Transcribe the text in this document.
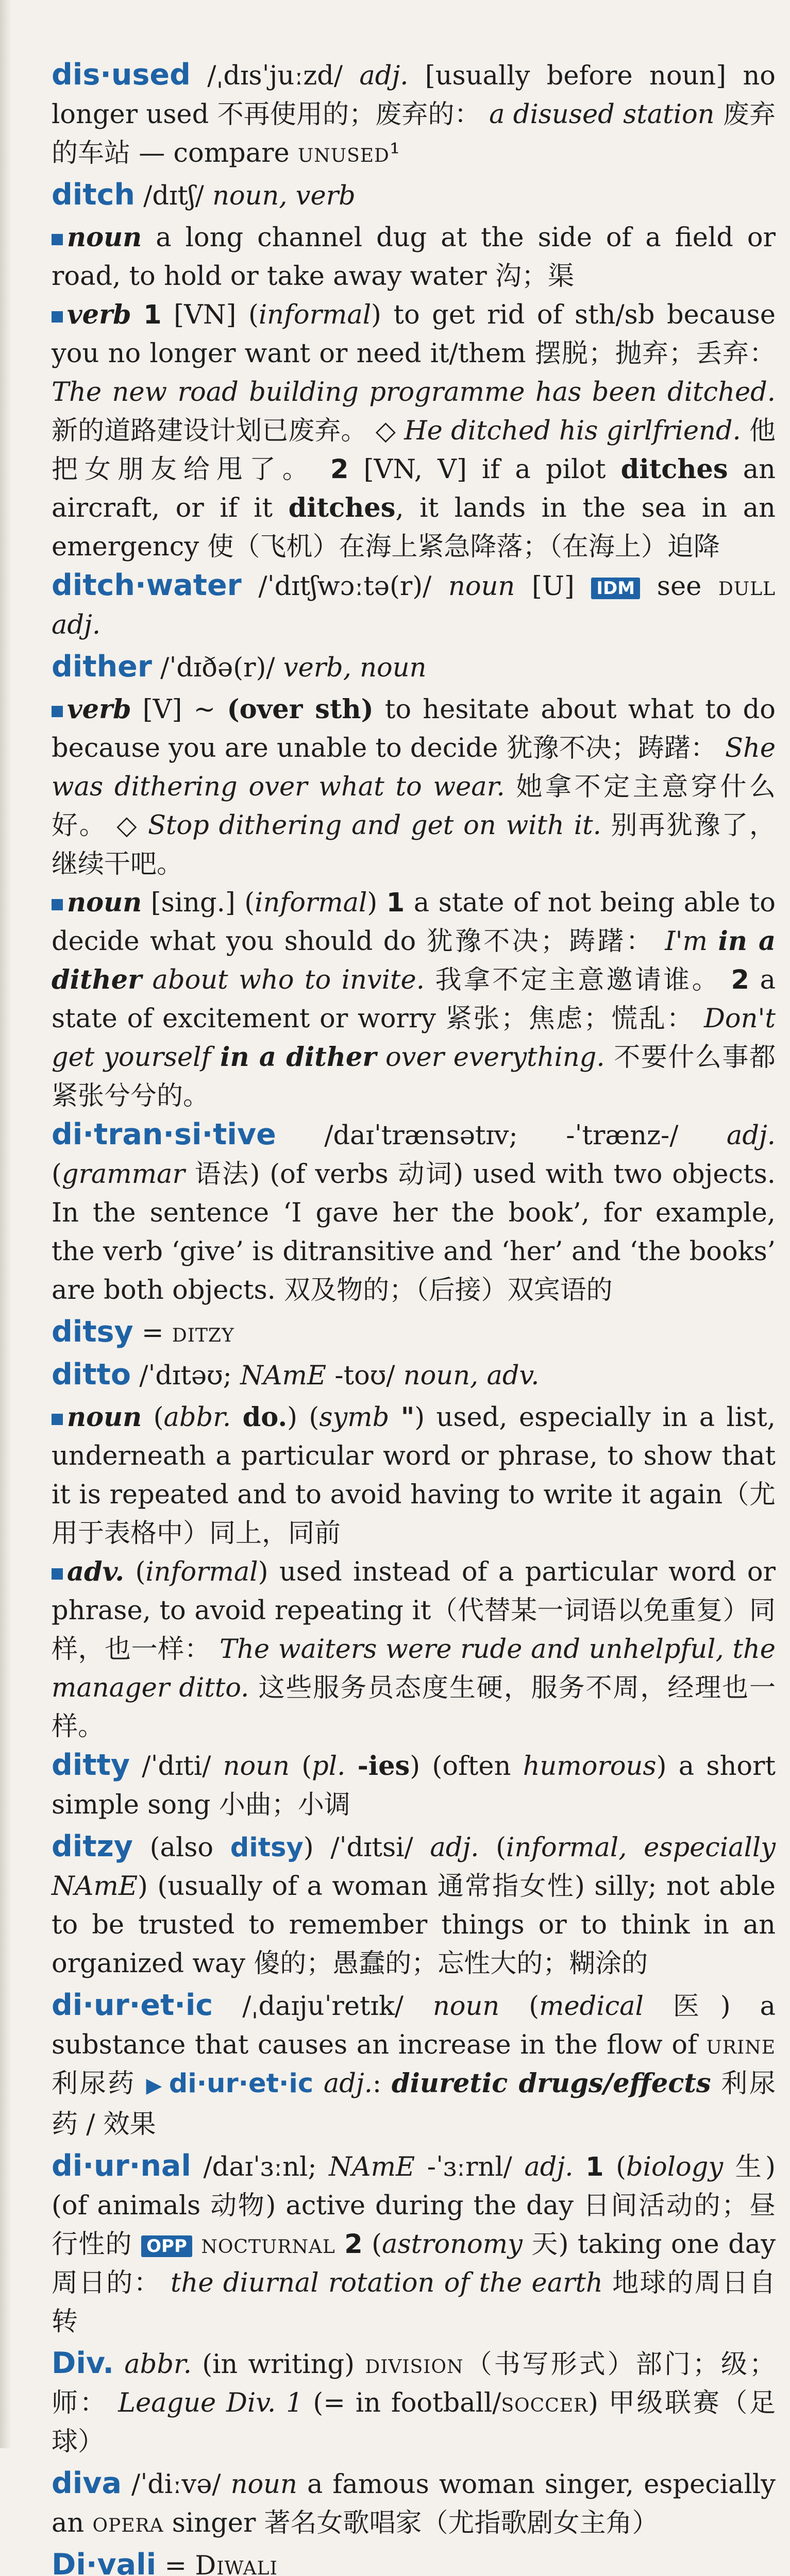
dis·used /ˌdɪsˈjuːzd/ adj. [usually before noun] no longer used 不再使用的；废弃的： a disused station 废弃的车站 — compare unused¹
ditch /dɪtʃ/ noun, verb
noun a long channel dug at the side of a field or road, to hold or take away water 沟；渠
verb 1 [VN] (informal) to get rid of sth/sb because you no longer want or need it/them 摆脱；抛弃；丢弃： The new road building programme has been ditched. 新的道路建设计划已废弃。 ◇ He ditched his girlfriend. 他把女朋友给甩了。 2 [VN, V] if a pilot ditches an aircraft, or if it ditches, it lands in the sea in an emergency 使（飞机）在海上紧急降落；（在海上）迫降
ditch·water /ˈdɪtʃwɔːtə(r)/ noun [U] IDM see dull adj.
dither /ˈdɪðə(r)/ verb, noun
verb [V] ~ (over sth) to hesitate about what to do because you are unable to decide 犹豫不决；踌躇： She was dithering over what to wear. 她拿不定主意穿什么好。 ◇ Stop dithering and get on with it. 别再犹豫了，继续干吧。
noun [sing.] (informal) 1 a state of not being able to decide what you should do 犹豫不决；踌躇： I'm in a dither about who to invite. 我拿不定主意邀请谁。 2 a state of excitement or worry 紧张；焦虑；慌乱： Don't get yourself in a dither over everything. 不要什么事都紧张兮兮的。
di·tran·si·tive /daɪˈtrænsətɪv; -ˈtrænz-/ adj. (grammar 语法) (of verbs 动词) used with two objects. In the sentence ‘I gave her the book’, for example, the verb ‘give’ is ditransitive and ‘her’ and ‘the books’ are both objects. 双及物的；（后接）双宾语的
ditsy = ditzy
ditto /ˈdɪtəʊ; NAmE -toʊ/ noun, adv.
noun (abbr. do.) (symb ") used, especially in a list, underneath a particular word or phrase, to show that it is repeated and to avoid having to write it again（尤用于表格中）同上，同前
adv. (informal) used instead of a particular word or phrase, to avoid repeating it（代替某一词语以免重复）同样，也一样： The waiters were rude and unhelpful, the manager ditto. 这些服务员态度生硬，服务不周，经理也一样。
ditty /ˈdɪti/ noun (pl. -ies) (often humorous) a short simple song 小曲；小调
ditzy (also ditsy) /ˈdɪtsi/ adj. (informal, especially NAmE) (usually of a woman 通常指女性) silly; not able to be trusted to remember things or to think in an organized way 傻的；愚蠢的；忘性大的；糊涂的
di·ur·et·ic /ˌdaɪjuˈretɪk/ noun (medical 医) a substance that causes an increase in the flow of urine 利尿药 ▶ di·ur·et·ic adj.: diuretic drugs/effects 利尿药 / 效果
di·ur·nal /daɪˈɜːnl; NAmE -ˈɜːrnl/ adj. 1 (biology 生) (of animals 动物) active during the day 日间活动的；昼行性的 OPP nocturnal 2 (astronomy 天) taking one day 周日的： the diurnal rotation of the earth 地球的周日自转
Div. abbr. (in writing) division（书写形式）部门；级；师： League Div. 1 (= in football/soccer) 甲级联赛（足球）
diva /ˈdiːvə/ noun a famous woman singer, especially an opera singer 著名女歌唱家（尤指歌剧女主角）
Di·vali = Diwali
